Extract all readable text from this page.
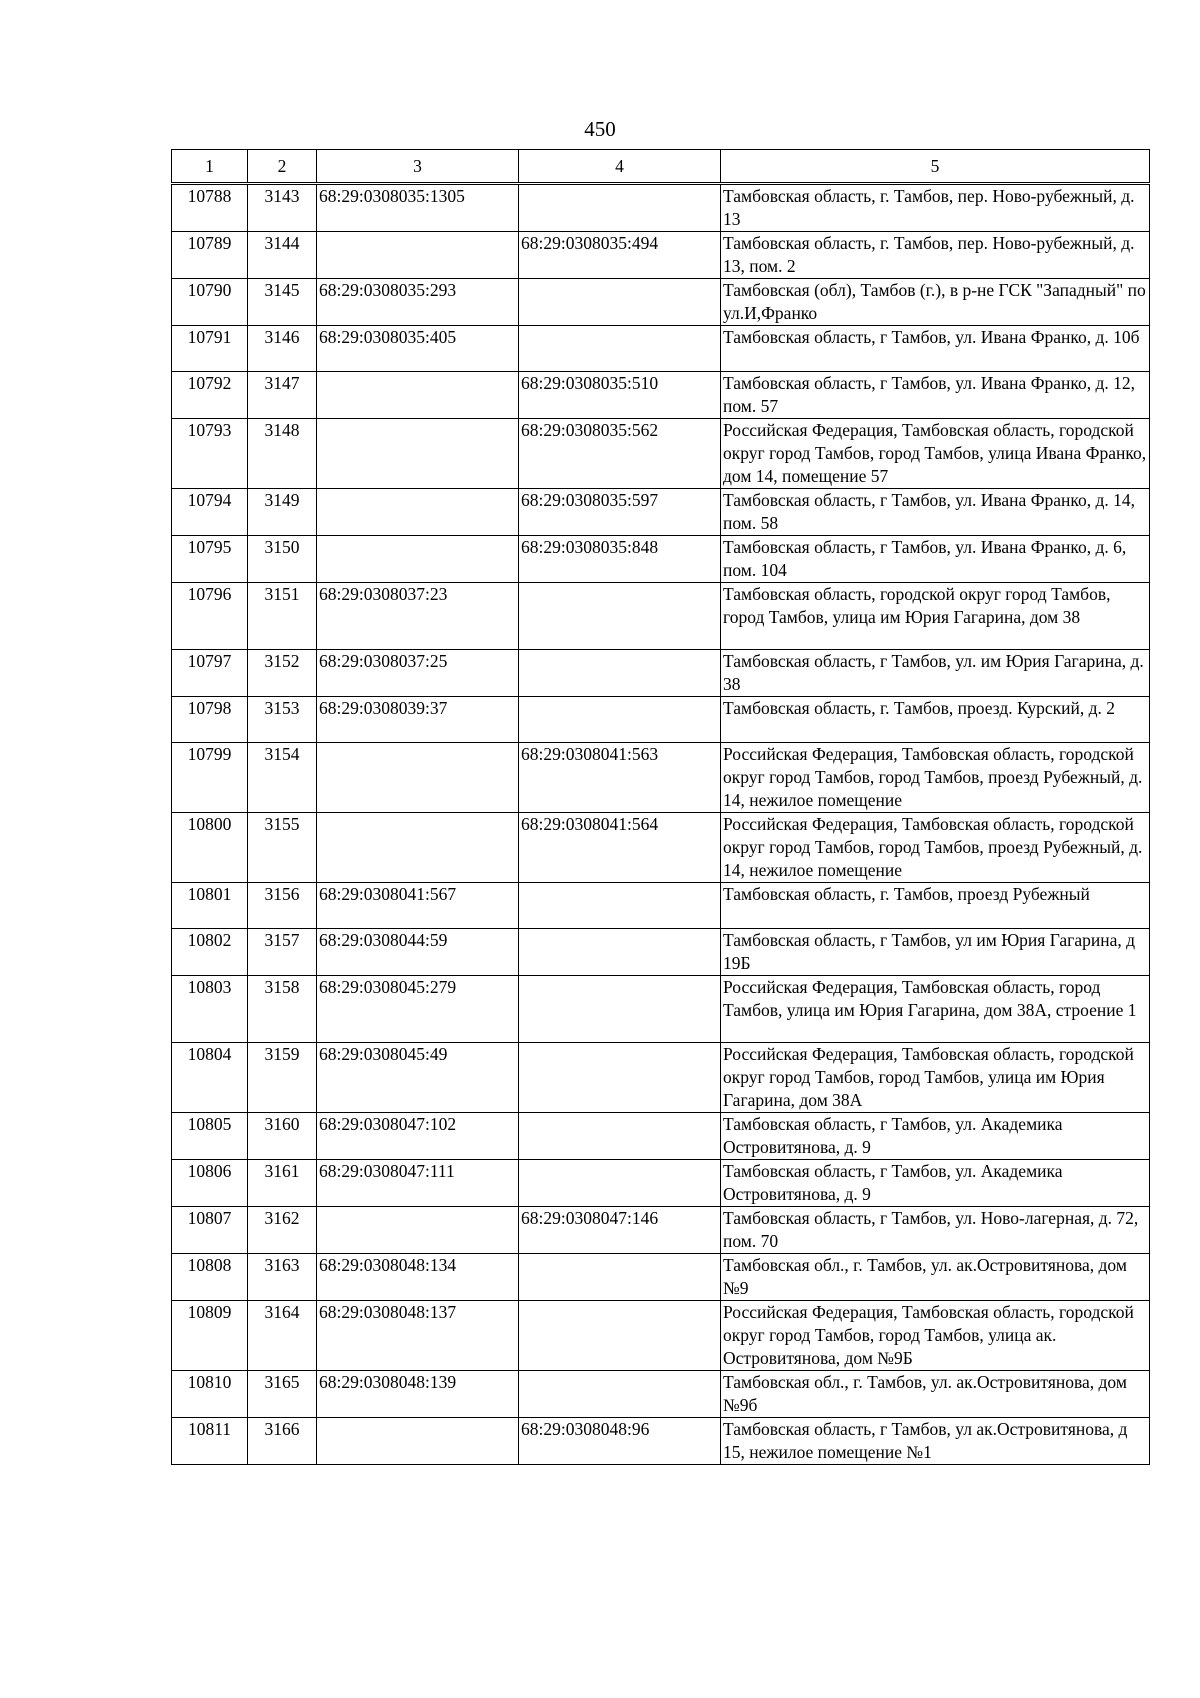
450
1	2	3	4	5
10788	3143	68:29:0308035:1305		Тамбовская область, г. Тамбов, пер. Ново-рубежный, д. 13
10789	3144		68:29:0308035:494	Тамбовская область, г. Тамбов, пер. Ново-рубежный, д. 13, пом. 2
10790	3145	68:29:0308035:293		Тамбовская (обл), Тамбов (г.), в р-не ГСК "Западный" по ул.И,Франко
10791	3146	68:29:0308035:405		Тамбовская область, г Тамбов, ул. Ивана Франко, д. 10б
10792	3147		68:29:0308035:510	Тамбовская область, г Тамбов, ул. Ивана Франко, д. 12, пом. 57
10793	3148		68:29:0308035:562	Российская Федерация, Тамбовская область, городской округ город Тамбов, город Тамбов, улица Ивана Франко, дом 14, помещение 57
10794	3149		68:29:0308035:597	Тамбовская область, г Тамбов, ул. Ивана Франко, д. 14, пом. 58
10795	3150		68:29:0308035:848	Тамбовская область, г Тамбов, ул. Ивана Франко, д. 6, пом. 104
10796	3151	68:29:0308037:23		Тамбовская область, городской округ город Тамбов, город Тамбов, улица им Юрия Гагарина, дом 38
10797	3152	68:29:0308037:25		Тамбовская область, г Тамбов, ул. им Юрия Гагарина, д. 38
10798	3153	68:29:0308039:37		Тамбовская область, г. Тамбов, проезд. Курский, д. 2
10799	3154		68:29:0308041:563	Российская Федерация, Тамбовская область, городской округ город Тамбов, город Тамбов, проезд Рубежный, д. 14, нежилое помещение
10800	3155		68:29:0308041:564	Российская Федерация, Тамбовская область, городской округ город Тамбов, город Тамбов, проезд Рубежный, д. 14, нежилое помещение
10801	3156	68:29:0308041:567		Тамбовская область, г. Тамбов, проезд Рубежный
10802	3157	68:29:0308044:59		Тамбовская область, г Тамбов, ул им Юрия Гагарина, д 19Б
10803	3158	68:29:0308045:279		Российская Федерация, Тамбовская область, город Тамбов, улица им Юрия Гагарина, дом 38А, строение 1
10804	3159	68:29:0308045:49		Российская Федерация, Тамбовская область, городской округ город Тамбов, город Тамбов, улица им Юрия Гагарина, дом 38А
10805	3160	68:29:0308047:102		Тамбовская область, г Тамбов, ул. Академика Островитянова, д. 9
10806	3161	68:29:0308047:111		Тамбовская область, г Тамбов, ул. Академика Островитянова, д. 9
10807	3162		68:29:0308047:146	Тамбовская область, г Тамбов, ул. Ново-лагерная, д. 72, пом. 70
10808	3163	68:29:0308048:134		Тамбовская обл., г. Тамбов, ул. ак.Островитянова, дом №9
10809	3164	68:29:0308048:137		Российская Федерация, Тамбовская область, городской округ город Тамбов, город Тамбов, улица ак. Островитянова, дом №9Б
10810	3165	68:29:0308048:139		Тамбовская обл., г. Тамбов, ул. ак.Островитянова, дом №9б
10811	3166		68:29:0308048:96	Тамбовская область, г Тамбов, ул ак.Островитянова, д 15, нежилое помещение №1
